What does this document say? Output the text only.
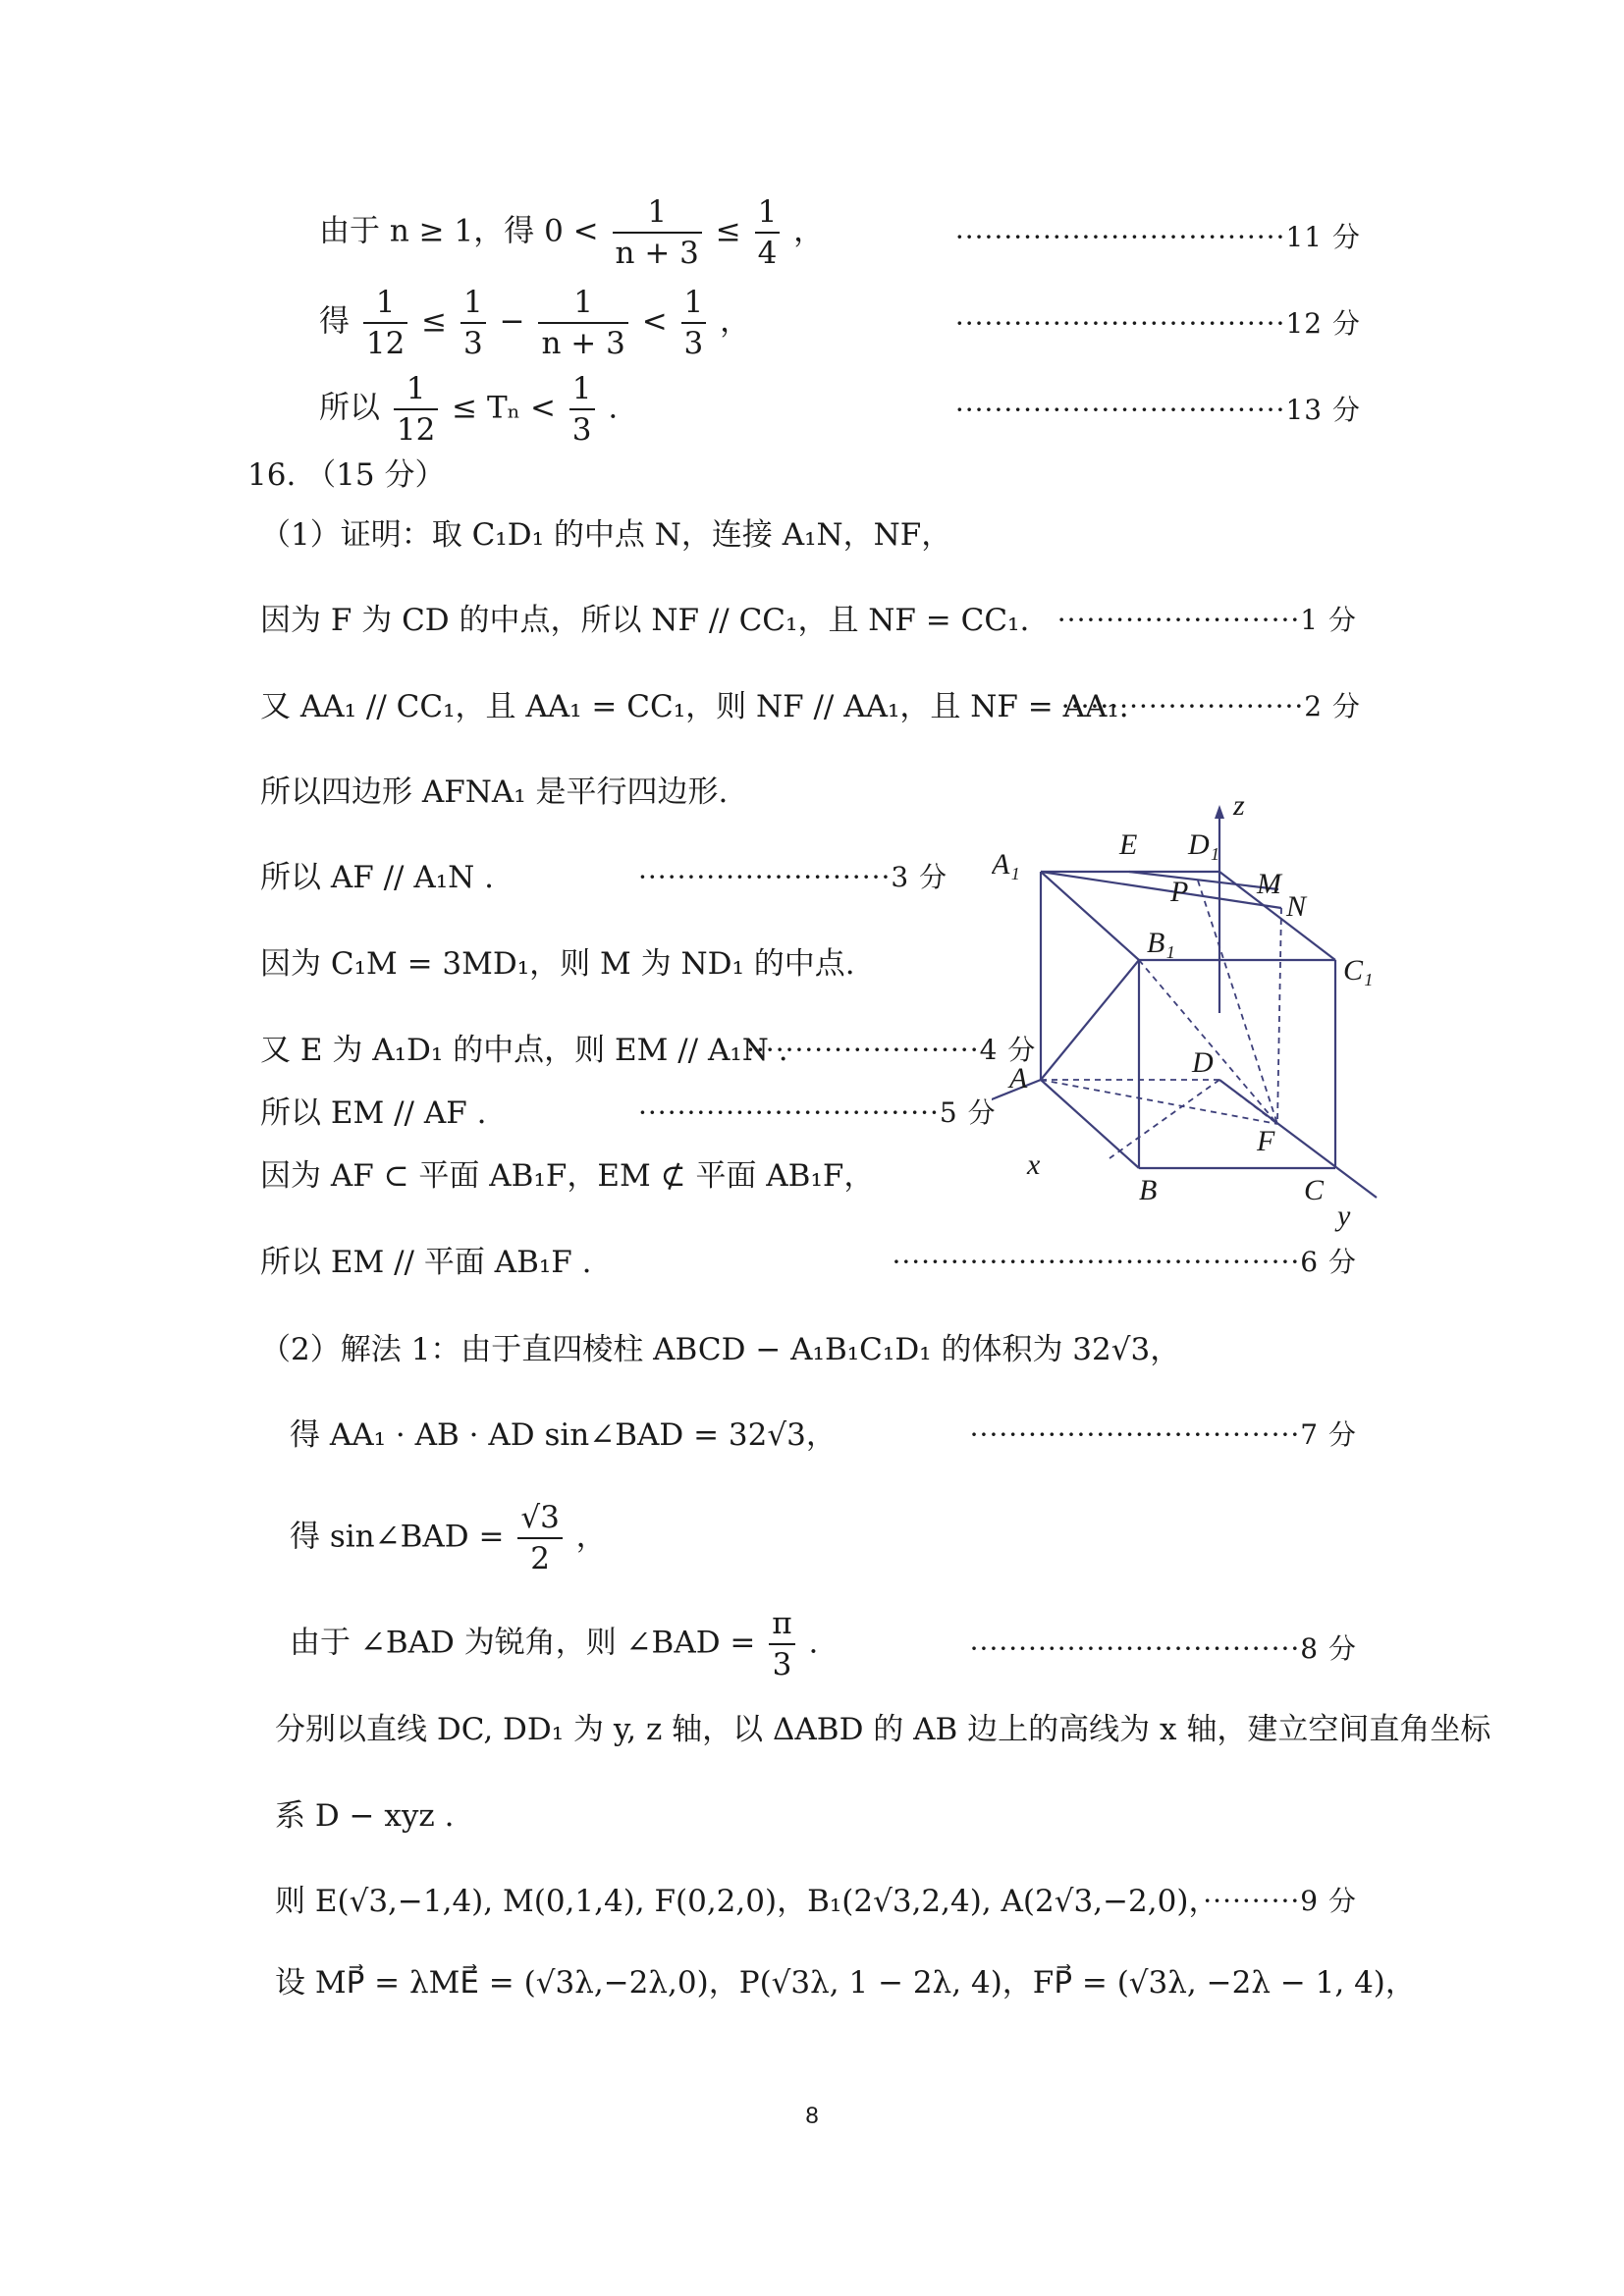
由于 n ≥ 1，得 $0 < \frac{1}{n + 3} \le \frac{1}{4}$ ，	··································11 分
得 $\frac{1}{12} \le \frac{1}{3} - \frac{1}{n + 3} < \frac{1}{3}$ ，	··································12 分
所以 $\frac{1}{12} \le T_n < \frac{1}{3}$ .	··································13 分
16. （15 分）
（1）证明：取 C₁D₁ 的中点 N，连接 A₁N，NF，
因为 F 为 CD 的中点，所以 NF // CC₁，且 NF = CC₁. ·························1 分
又 AA₁ // CC₁，且 AA₁ = CC₁，则 NF // AA₁，且 NF = AA₁.
·························2 分
所以四边形 AFNA₁ 是平行四边形.
所以 AF // A₁N .	··························3 分
因为 C₁M = 3MD₁，则 M 为 ND₁ 的中点.
又 E 为 A₁D₁ 的中点，则 EM // A₁N .
························4 分
所以 EM // AF .	·······························5 分
因为 AF ⊂ 平面 AB₁F，EM ⊄ 平面 AB₁F，
所以 EM // 平面 AB₁F .	··········································6 分
z
E D₁
A₁
P M
N
B₁
C₁
D
A
F
x
B	C
y
（2）解法 1：由于直四棱柱 ABCD − A₁B₁C₁D₁ 的体积为 32√3，
得 AA₁ · AB · AD sin∠BAD = 32√3，	··································7 分
得 sin∠BAD = $\frac{√3}{2}$ ，
由于 ∠BAD 为锐角，则 ∠BAD = $\frac{\pi}{3}$ .	··································8 分
分别以直线 DC, DD₁ 为 y, z 轴，以 ΔABD 的 AB 边上的高线为 x 轴，建立空间直角坐标
系 D − xyz .
则 E(√3,−1,4), M(0,1,4), F(0,2,0)，B₁(2√3,2,4), A(2√3,−2,0)，
··········9 分
设 MP⃗ = λME⃗ = (√3λ,−2λ,0)，P(√3λ, 1 − 2λ, 4)，FP⃗ = (√3λ, −2λ − 1, 4)，
8
